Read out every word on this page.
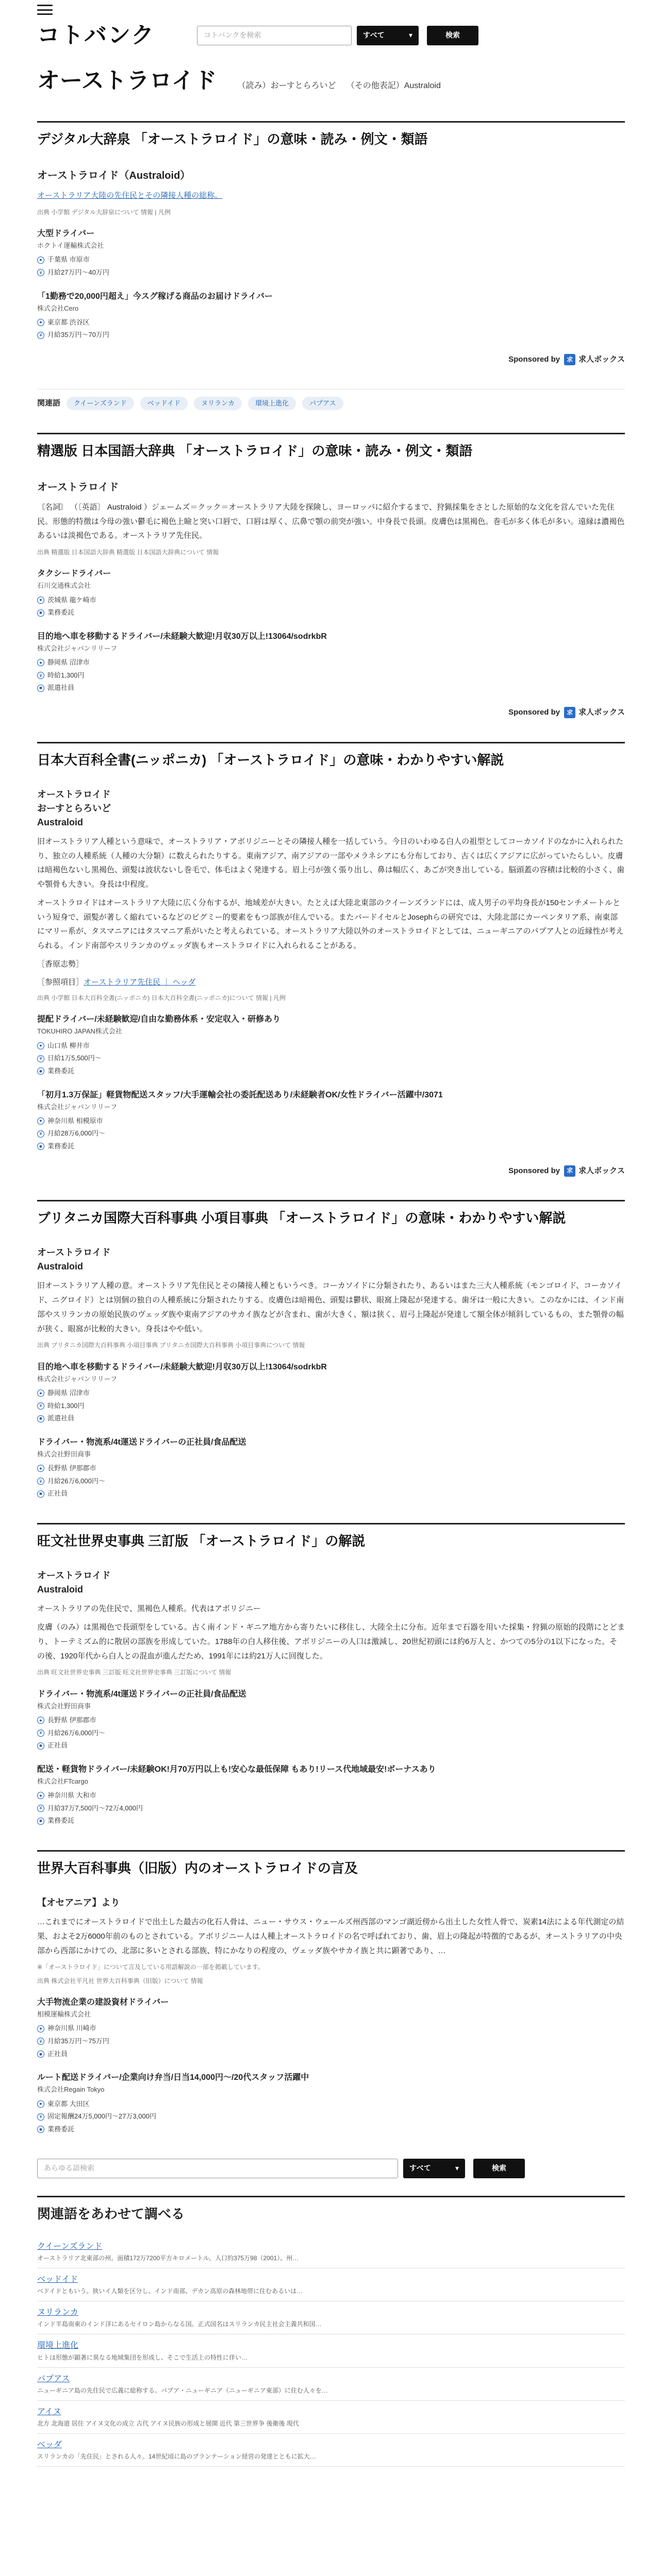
コトバンク	コトバンクを検索	すべて	▾	検索
オーストラロイド	（読み）おーすとらろいど （その他表記）Australoid
デジタル大辞泉 「オーストラロイド」の意味・読み・例文・類語
オーストラロイド（Australoid）
オーストラリア大陸の先住民とその隣接人種の総称。
出典 小学館 デジタル大辞泉について 情報 | 凡例
大型ドライバー
ホクトイ運輸株式会社
● 千葉県 市原市
¥ 月給27万円〜40万円
「1勤務で20,000円超え」今スグ稼げる商品のお届けドライバー
株式会社Cero
● 東京都 渋谷区
¥ 月給35万円〜70万円
Sponsored by	求 求人ボックス
関連語	クイーンズランド	ベッドイド	ヌリランカ	環境上進化	パプアス
精選版 日本国語大辞典 「オーストラロイド」の意味・読み・例文・類語
オーストラロイド
〘名詞〙 （〔英語〕 Australoid ）ジェームズ＝クック＝オーストラリア大陸を探険し、ヨーロッパに紹介するまで、狩猟採集をさとした原始的な文化を営んでいた先住民。形態的特徴は今母の強い鬱毛に褐色上瞼と突い口唇で、口唇は厚く、広鼻で顎の前突が強い。中身長で長頭。皮膚色は黒褐色。巻毛が多く体毛が多い。遠縁は濃褐色あるいは淡褐色である。オーストラリア先住民。
出典 精選版 日本国語大辞典 精選版 日本国語大辞典について 情報
タクシードライバー
石川交通株式会社
● 茨城県 龍ケ崎市
■ 業務委託
目的地へ車を移動するドライバー/未経験大歓迎!月収30万以上!13064/sodrkbR
株式会社ジャパンリリーフ
● 静岡県 沼津市
¥ 時給1,300円
■ 派遣社員
Sponsored by	求 求人ボックス
日本大百科全書(ニッポニカ) 「オーストラロイド」の意味・わかりやすい解説
オーストラロイド
おーすとらろいど
Australoid
旧オーストラリア人種という意味で、オーストラリア・アボリジニーとその隣接人種を一括していう。今日のいわゆる白人の祖型としてコーカソイドのなかに入れられたり、独立の人種系統（人種の大分類）に数えられたりする。東南アジア、南アジアの一部やメラネシアにも分布しており、古くは広くアジアに広がっていたらしい。皮膚は暗褐色ないし黒褐色、頭髪は波状ないし巻毛で、体毛はよく発達する。眉上弓が強く張り出し、鼻は幅広く、あごが突き出している。脳頭蓋の容積は比較的小さく、歯や顎骨も大きい。身長は中程度。
オーストラロイドはオーストラリア大陸に広く分布するが、地域差が大きい。たとえば大陸北東部のクイーンズランドには、成人男子の平均身長が150センチメートルという短身で、頭髪が著しく縮れているなどのピグミー的要素をもつ部族が住んでいる。またバードイセルとJosephらの研究では、大陸北部にカーペンタリア系、南東部にマリー系が、タスマニアにはタスマニア系がいたと考えられている。オーストラリア大陸以外のオーストラロイドとしては、ニューギニアのパプア人との近縁性が考えられる。インド南部やスリランカのヴェッダ族もオーストラロイドに入れられることがある。
［香原志勢］
［参照項目］オーストラリア先住民 ｜ ヘッダ
出典 小学館 日本大百科全書(ニッポニカ) 日本大百科全書(ニッポニカ)について 情報 | 凡例
提配ドライバー/未経験歓迎/自由な勤務体系・安定収入・研修あり
TOKUHIRO JAPAN株式会社
● 山口県 柳井市
¥ 日給1万5,500円〜
■ 業務委託
「初月1.3万保証」軽貨物配送スタッフ/大手運輸会社の委託配送あり/未経験者OK/女性ドライバー活躍中/3071
株式会社ジャパンリリーフ
● 神奈川県 相模原市
¥ 月給28万6,000円〜
■ 業務委託
Sponsored by	求 求人ボックス
ブリタニカ国際大百科事典 小項目事典 「オーストラロイド」の意味・わかりやすい解説
オーストラロイド
Australoid
旧オーストラリア人種の意。オーストラリア先住民とその隣接人種ともいうべき。コーカソイドに分類されたり、あるいはまた三大人種系統（モンゴロイド、コーカソイド、ニグロイド）とは別個の独自の人種系統に分類されたりする。皮膚色は暗褐色、頭髪は鬱状、眼窩上隆起が発達する。歯牙は一般に大きい。このなかには、インド南部やスリランカの原始民族のヴェッダ族や東南アジアのサカイ族などが含まれ、歯が大きく、額は狭く、眉弓上隆起が発達して額全体が傾斜しているもの、また顎骨の幅が狭く、眼窩が比較的大きい。身長はやや低い。
出典 ブリタニカ国際大百科事典 小項目事典 ブリタニカ国際大百科事典 小項目事典について 情報
目的地へ車を移動するドライバー/未経験大歓迎!月収30万以上!13064/sodrkbR
株式会社ジャパンリリーフ
● 静岡県 沼津市
¥ 時給1,300円
■ 派遣社員
ドライバー・物流系/4t運送ドライバーの正社員/食品配送
株式会社野田商事
● 長野県 伊那郡市
¥ 月給26万6,000円〜
■ 正社員
旺文社世界史事典 三訂版 「オーストラロイド」の解説
オーストラロイド
Australoid
オーストラリアの先住民で、黒褐色人種系。代表はアボリジニー
皮膚（のみ）は黒褐色で長頭型をしている。古く南インド・ギニア地方から寄りたいに移住し、大陸全土に分布。近年まで石器を用いた採集・狩猟の原始的段階にとどまり、トーテミズム的に散居の部族を形成していた。1788年の白人移住後、アボリジニーの人口は激減し、20世紀初頭には約6万人と、かつての5分の1以下になった。その後、1920年代から白人との混血が進んだため、1991年には約21万人に回復した。
出典 旺文社世界史事典 三訂版 旺文社世界史事典 三訂版について 情報
ドライバー・物流系/4t運送ドライバーの正社員/食品配送
株式会社野田商事
● 長野県 伊那郡市
¥ 月給26万6,000円〜
■ 正社員
配送・軽貨物ドライバー/未経験OK!月70万円以上も!安心な最低保障 もあり!リース代地域最安!ボーナスあり
株式会社FTcargo
● 神奈川県 大和市
¥ 月給37万7,500円〜72万4,000円
■ 業務委託
世界大百科事典（旧版）内のオーストラロイドの言及
【オセアニア】より
…これまでにオーストラロイドで出土した最古の化石人骨は、ニュー・サウス・ウェールズ州西部のマンゴ湖近傍から出土した女性人骨で、炭素14法による年代測定の結果、およそ2万6000年前のものとされている。アボリジニー人は人種上オーストラロイドの名で呼ばれており、歯、眉上の隆起が特徴的であるが、オーストラリアの中央部から西部にかけての、北部に多いとされる部族、特にかなりの程度の、ヴェッダ族やサカイ族と共に顕著であり、…
※「オーストラロイド」について言及している用語解説の一部を掲載しています。
出典 株式会社平凡社 世界大百科事典（旧版）について 情報
大手物流企業の建設資材ドライバー
相模運輸株式会社
● 神奈川県 川崎市
¥ 月給35万円〜75万円
■ 正社員
ルート配送ドライバー/企業向け弁当/日当14,000円〜/20代スタッフ活躍中
株式会社Regain Tokyo
● 東京都 大田区
¥ 固定報酬24万5,000円〜27万3,000円
■ 業務委託
あらゆる語検索	すべて	▾	検索
関連語をあわせて調べる
クイーンズランド
オーストラリア北東部の州。面積172万7200平方キロメートル、人口約375万98（2001）。州…
ベッドイド
ベドイドともいう。狭いイ人類を区分し、インド南部、デカン高原の森林地帯に住むあるいは…
ヌリランカ
インド半島南東のインド洋にあるセイロン島からなる国。正式国名はスリランカ民主社会主義共和国…
環境上進化
ヒトは形態が顕著に異なる地域集団を形成し、そこで生活上の特性に伴い…
パプアス
ニューギニア島の先住民で広義に総称する。パプア・ニューギニア（ニューギニア東部）に住む人々を…
アイヌ
北方 北海道 居住 アイヌ文化の成立 古代 アイヌ民族の形成と展開 近代 第三世界争 後衛後 現代
ベッダ
スリランカの「先住民」とされる人々。14世紀頃に島のプランテーション経営の発達とともに拡大…
